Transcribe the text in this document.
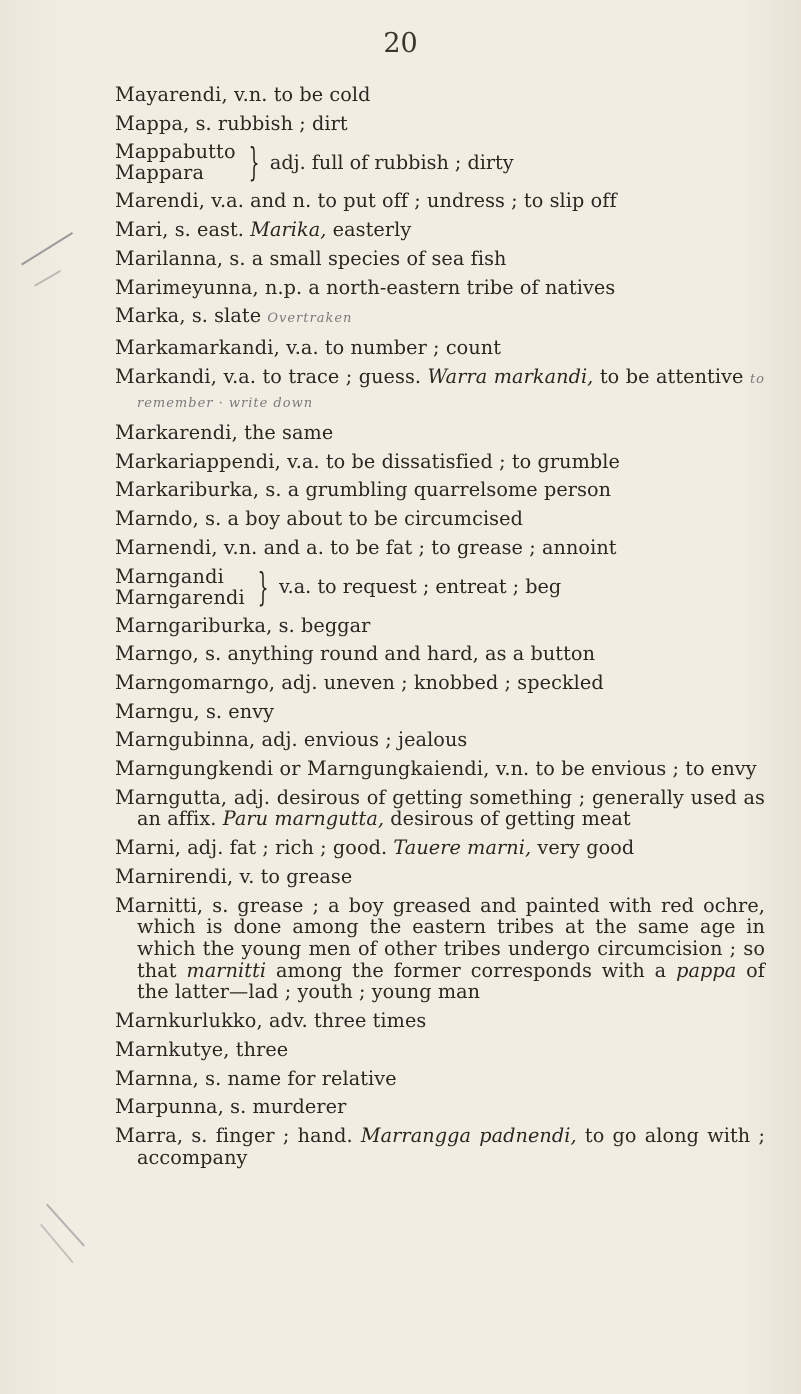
20
Mayarendi, v.n. to be cold
Mappa, s. rubbish ; dirt
Mappabutto
Mappara	} adj. full of rubbish ; dirty
Marendi, v.a. and n. to put off ; undress ; to slip off
Mari, s. east. Marika, easterly
Marilanna, s. a small species of sea fish
Marimeyunna, n.p. a north-eastern tribe of natives
Marka, s. slate Overtraken
Markamarkandi, v.a. to number ; count
Markandi, v.a. to trace ; guess. Warra markandi, to be attentive to remember · write down
Markarendi, the same
Markariappendi, v.a. to be dissatisfied ; to grumble
Markariburka, s. a grumbling quarrelsome person
Marndo, s. a boy about to be circumcised
Marnendi, v.n. and a. to be fat ; to grease ; annoint
Marngandi
Marngarendi } v.a. to request ; entreat ; beg
Marngariburka, s. beggar
Marngo, s. anything round and hard, as a button
Marngomarngo, adj. uneven ; knobbed ; speckled
Marngu, s. envy
Marngubinna, adj. envious ; jealous
Marngungkendi or Marngungkaiendi, v.n. to be envious ; to envy
Marngutta, adj. desirous of getting something ; generally used as an affix. Paru marngutta, desirous of getting meat
Marni, adj. fat ; rich ; good. Tauere marni, very good
Marnirendi, v. to grease
Marnitti, s. grease ; a boy greased and painted with red ochre, which is done among the eastern tribes at the same age in which the young men of other tribes undergo circumcision ; so that marnitti among the former corresponds with a pappa of the latter—lad ; youth ; young man
Marnkurlukko, adv. three times
Marnkutye, three
Marnna, s. name for relative
Marpunna, s. murderer
Marra, s. finger ; hand. Marrangga padnendi, to go along with ; accompany
